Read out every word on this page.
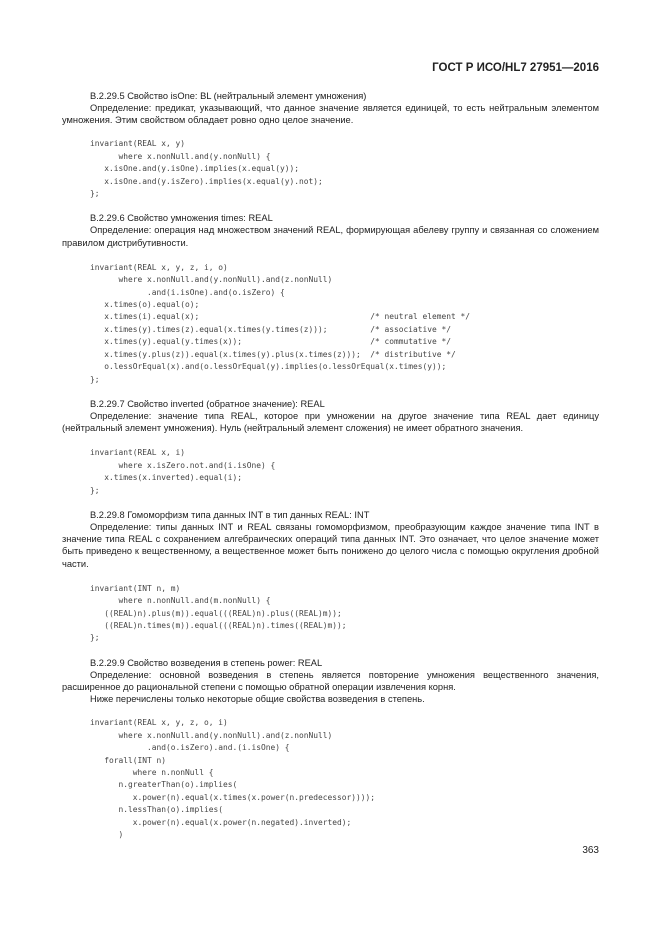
ГОСТ Р ИСО/HL7 27951—2016

B.2.29.5 Свойство isOne: BL (нейтральный элемент умножения)

Определение: предикат, указывающий, что данное значение является единицей, то есть нейтральным элементом умножения. Этим свойством обладает ровно одно целое значение.

invariant(REAL x, y)
where x.nonNull.and(y.nonNull) {
x.isOne.and(y.isOne).implies(x.equal(y));
x.isOne.and(y.isZero).implies(x.equal(y).not);
};

B.2.29.6 Свойство умножения times: REAL

Определение: операция над множеством значений REAL, формирующая абелеву группу и связанная со сложением правилом дистрибутивности.

invariant(REAL x, y, z, i, o)
where x.nonNull.and(y.nonNull).and(z.nonNull)
.and(i.isOne).and(o.isZero) {
x.times(o).equal(o);
x.times(i).equal(x);                                    /* neutral element */
x.times(y).times(z).equal(x.times(y.times(z)));         /* associative */
x.times(y).equal(y.times(x));                           /* commutative */
x.times(y.plus(z)).equal(x.times(y).plus(x.times(z)));  /* distributive */
o.lessOrEqual(x).and(o.lessOrEqual(y).implies(o.lessOrEqual(x.times(y));
};

B.2.29.7 Свойство inverted (обратное значение): REAL

Определение: значение типа REAL, которое при умножении на другое значение типа REAL дает единицу (нейтральный элемент умножения). Нуль (нейтральный элемент сложения) не имеет обратного значения.

invariant(REAL x, i)
where x.isZero.not.and(i.isOne) {
x.times(x.inverted).equal(i);
};

B.2.29.8 Гомоморфизм типа данных INT в тип данных REAL: INT

Определение: типы данных INT и REAL связаны гомоморфизмом, преобразующим каждое значение типа INT в значение типа REAL с сохранением алгебраических операций типа данных INT. Это означает, что целое значение может быть приведено к вещественному, а вещественное может быть понижено до целого числа с помощью округления дробной части.

invariant(INT n, m)
where n.nonNull.and(m.nonNull) {
((REAL)n).plus(m)).equal(((REAL)n).plus((REAL)m));
((REAL)n.times(m)).equal(((REAL)n).times((REAL)m));
};

B.2.29.9 Свойство возведения в степень power: REAL

Определение: основной возведения в степень является повторение умножения вещественного значения, расширенное до рациональной степени с помощью обратной операции извлечения корня.

Ниже перечислены только некоторые общие свойства возведения в степень.

invariant(REAL x, y, z, o, i)
where x.nonNull.and(y.nonNull).and(z.nonNull)
.and(o.isZero).and.(i.isOne) {
forall(INT n)
where n.nonNull {
n.greaterThan(o).implies(
x.power(n).equal(x.times(x.power(n.predecessor))));
n.lessThan(o).implies(
x.power(n).equal(x.power(n.negated).inverted);
)
363
